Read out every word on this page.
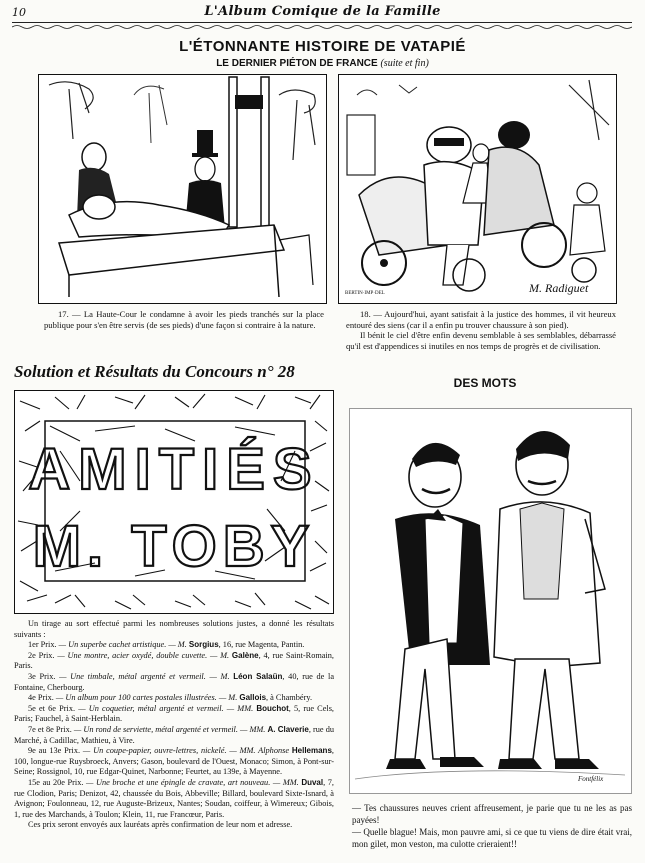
10	L'Album Comique de la Famille
L'ÉTONNANTE HISTOIRE DE VATAPIÉ
LE DERNIER PIÉTON DE FRANCE (suite et fin)

17. — La Haute-Cour le condamne à avoir les pieds tranchés sur la place publique pour s'en être servis (de ses pieds) d'une façon si contraire à la nature.

BERTIN·IMP·DEL	M. Radiguet

18. — Aujourd'hui, ayant satisfait à la justice des hommes, il vit heureux entouré des siens (car il a enfin pu trouver chaussure à son pied).

Il bénit le ciel d'être enfin devenu semblable à ses semblables, débarrassé qu'il est d'appendices si inutiles en nos temps de progrès et de civilisation.

Solution et Résultats du Concours n° 28
AMITIÉS
M. TOBY

Un tirage au sort effectué parmi les nombreuses solutions justes, a donné les résultats suivants :

1er Prix. — Un superbe cachet artistique. — M. Sorgius, 16, rue Magenta, Pantin.

2e Prix. — Une montre, acier oxydé, double cuvette. — M. Galène, 4, rue Saint-Romain, Paris.

3e Prix. — Une timbale, métal argenté et vermeil. — M. Léon Salaün, 40, rue de la Fontaine, Cherbourg.

4e Prix. — Un album pour 100 cartes postales illustrées. — M. Gallois, à Chambéry.

5e et 6e Prix. — Un coquetier, métal argenté et vermeil. — MM. Bouchot, 5, rue Cels, Paris; Fauchel, à Saint-Herblain.

7e et 8e Prix. — Un rond de serviette, métal argenté et vermeil. — MM. A. Claverie, rue du Marché, à Cadillac, Mathieu, à Vire.

9e au 13e Prix. — Un coupe-papier, ouvre-lettres, nickelé. — MM. Alphonse Hellemans, 100, longue-rue Ruysbroeck, Anvers; Gason, boulevard de l'Ouest, Monaco; Simon, à Pont-sur-Seine; Rossignol, 10, rue Edgar-Quinet, Narbonne; Feurtet, au 139e, à Mayenne.

15e au 20e Prix. — Une broche et une épingle de cravate, art nouveau. — MM. Duval, 7, rue Clodion, Paris; Denizot, 42, chaussée du Bois, Abbeville; Billard, boulevard Sixte-Isnard, à Avignon; Foulonneau, 12, rue Auguste-Brizeux, Nantes; Soudan, coiffeur, à Wimereux; Gibois, 1, rue des Marchands, à Toulon; Klein, 11, rue Francœur, Paris.

Ces prix seront envoyés aux lauréats après confirmation de leur nom et adresse.

DES MOTS
Fontfélix

— Tes chaussures neuves crient affreusement, je parie que tu ne les as pas payées!

— Quelle blague! Mais, mon pauvre ami, si ce que tu viens de dire était vrai, mon gilet, mon veston, ma culotte crieraient!!
